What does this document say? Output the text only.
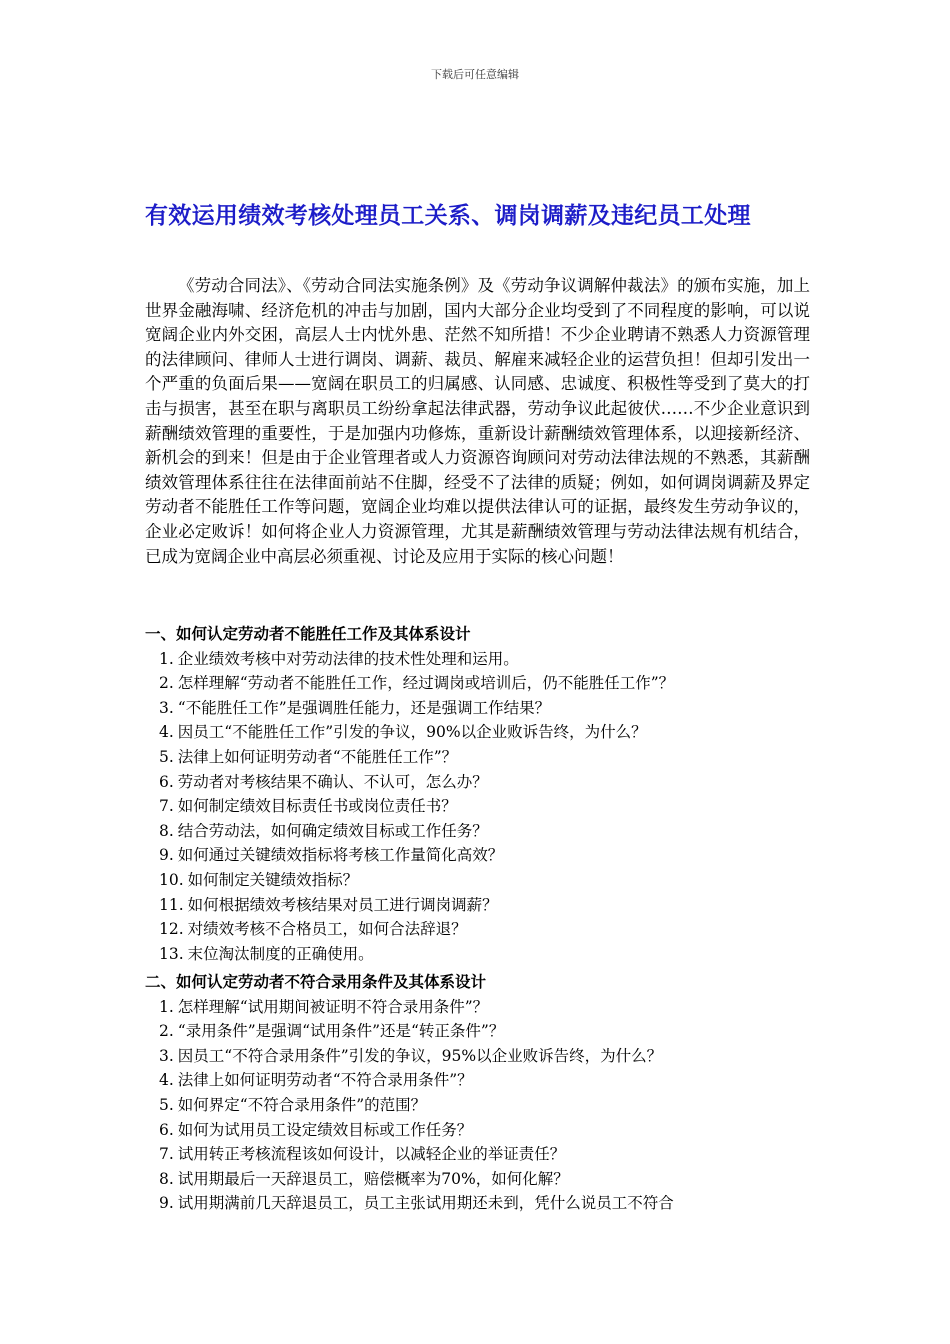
下载后可任意编辑
有效运用绩效考核处理员工关系、调岗调薪及违纪员工处理

《劳动合同法》、《劳动合同法实施条例》及《劳动争议调解仲裁法》的颁布实施，加上世界金融海啸、经济危机的冲击与加剧，国内大部分企业均受到了不同程度的影响，可以说宽阔企业内外交困，高层人士内忧外患、茫然不知所措！不少企业聘请不熟悉人力资源管理的法律顾问、律师人士进行调岗、调薪、裁员、解雇来减轻企业的运营负担！但却引发出一个严重的负面后果——宽阔在职员工的归属感、认同感、忠诚度、积极性等受到了莫大的打击与损害，甚至在职与离职员工纷纷拿起法律武器，劳动争议此起彼伏……不少企业意识到薪酬绩效管理的重要性，于是加强内功修炼，重新设计薪酬绩效管理体系，以迎接新经济、新机会的到来！但是由于企业管理者或人力资源咨询顾问对劳动法律法规的不熟悉，其薪酬绩效管理体系往往在法律面前站不住脚，经受不了法律的质疑；例如，如何调岗调薪及界定劳动者不能胜任工作等问题，宽阔企业均难以提供法律认可的证据，最终发生劳动争议的，企业必定败诉！如何将企业人力资源管理，尤其是薪酬绩效管理与劳动法律法规有机结合，已成为宽阔企业中高层必须重视、讨论及应用于实际的核心问题！

一、如何认定劳动者不能胜任工作及其体系设计
1. 企业绩效考核中对劳动法律的技术性处理和运用。
2. 怎样理解“劳动者不能胜任工作，经过调岗或培训后，仍不能胜任工作”？
3. “不能胜任工作”是强调胜任能力，还是强调工作结果？
4. 因员工“不能胜任工作”引发的争议，90%以企业败诉告终，为什么？
5. 法律上如何证明劳动者“不能胜任工作”？
6. 劳动者对考核结果不确认、不认可，怎么办？
7. 如何制定绩效目标责任书或岗位责任书？
8. 结合劳动法，如何确定绩效目标或工作任务？
9. 如何通过关键绩效指标将考核工作量简化高效？
10. 如何制定关键绩效指标？
11. 如何根据绩效考核结果对员工进行调岗调薪？
12. 对绩效考核不合格员工，如何合法辞退？
13. 末位淘汰制度的正确使用。
二、如何认定劳动者不符合录用条件及其体系设计
1. 怎样理解“试用期间被证明不符合录用条件”？
2. “录用条件”是强调“试用条件”还是“转正条件”？
3. 因员工“不符合录用条件”引发的争议，95%以企业败诉告终，为什么？
4. 法律上如何证明劳动者“不符合录用条件”？
5. 如何界定“不符合录用条件”的范围？
6. 如何为试用员工设定绩效目标或工作任务？
7. 试用转正考核流程该如何设计，以减轻企业的举证责任？
8. 试用期最后一天辞退员工，赔偿概率为70%，如何化解？
9. 试用期满前几天辞退员工，员工主张试用期还未到，凭什么说员工不符合
